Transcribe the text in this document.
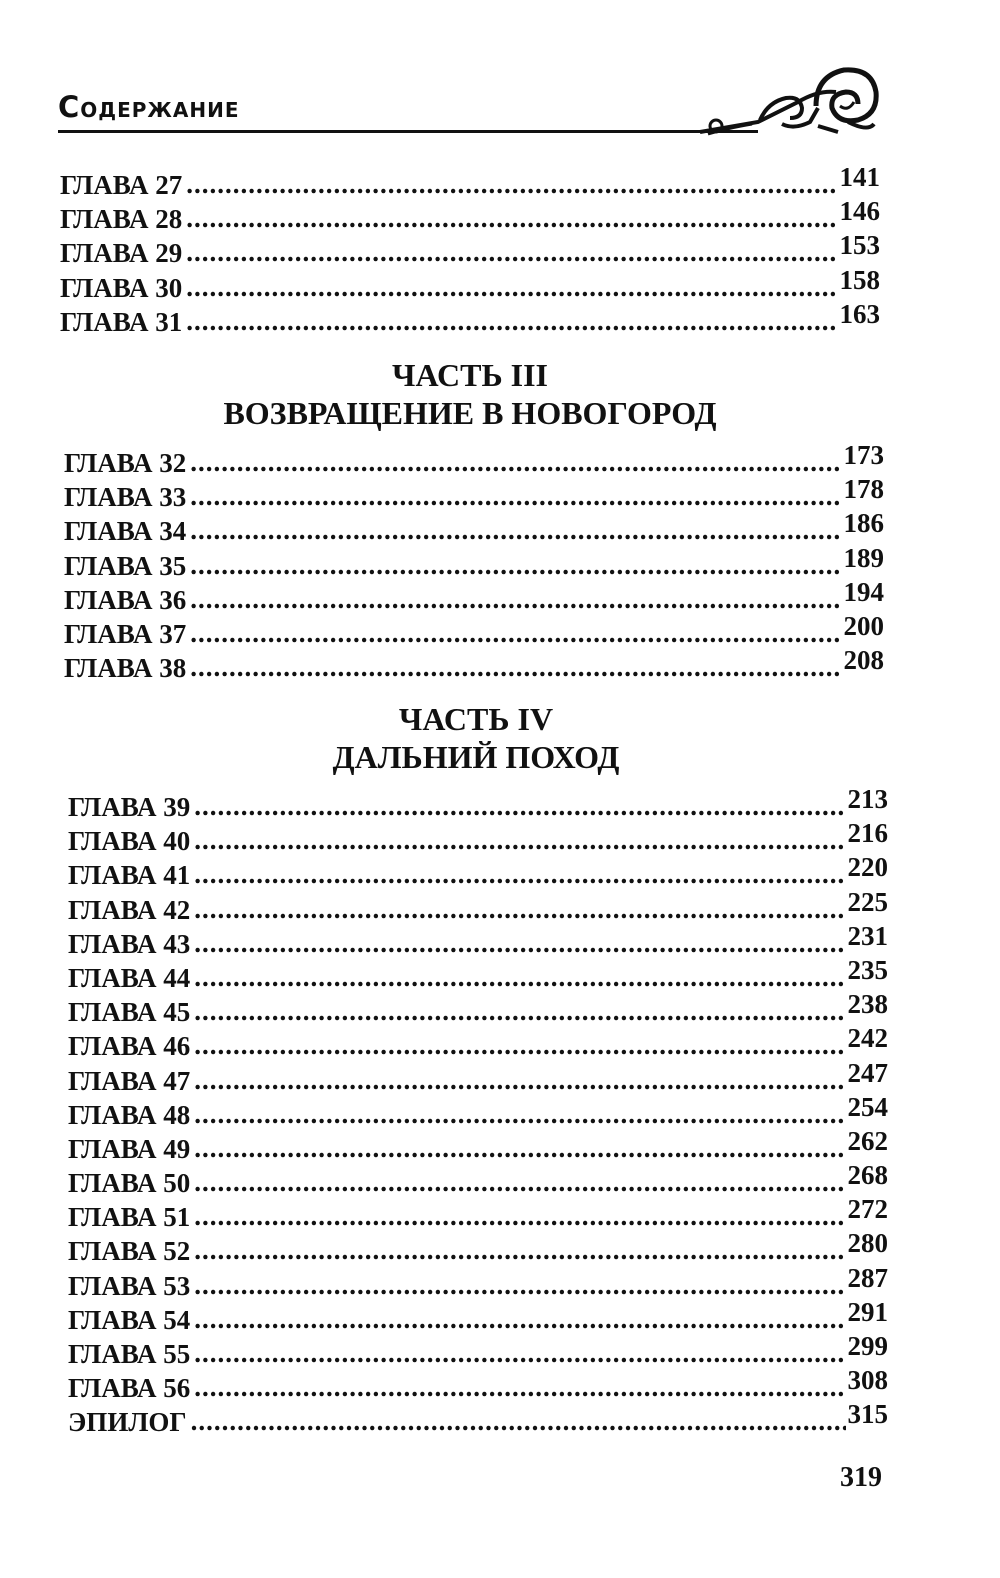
Содержание
ГЛАВА 27 .....	141
ГЛАВА 28 .....	146
ГЛАВА 29 .....	153
ГЛАВА 30 .....	158
ГЛАВА 31 .....	163
ЧАСТЬ III
ВОЗВРАЩЕНИЕ В НОВОГОРОД
ГЛАВА 32 .....	173
ГЛАВА 33 .....	178
ГЛАВА 34 .....	186
ГЛАВА 35 .....	189
ГЛАВА 36 .....	194
ГЛАВА 37 .....	200
ГЛАВА 38 .....	208
ЧАСТЬ IV
ДАЛЬНИЙ ПОХОД
ГЛАВА 39 .....	213
ГЛАВА 40 .....	216
ГЛАВА 41 .....	220
ГЛАВА 42 .....	225
ГЛАВА 43 .....	231
ГЛАВА 44 .....	235
ГЛАВА 45 .....	238
ГЛАВА 46 .....	242
ГЛАВА 47 .....	247
ГЛАВА 48 .....	254
ГЛАВА 49 .....	262
ГЛАВА 50 .....	268
ГЛАВА 51 .....	272
ГЛАВА 52 .....	280
ГЛАВА 53 .....	287
ГЛАВА 54 .....	291
ГЛАВА 55 .....	299
ГЛАВА 56 .....	308
ЭПИЛОГ .....	315
319
